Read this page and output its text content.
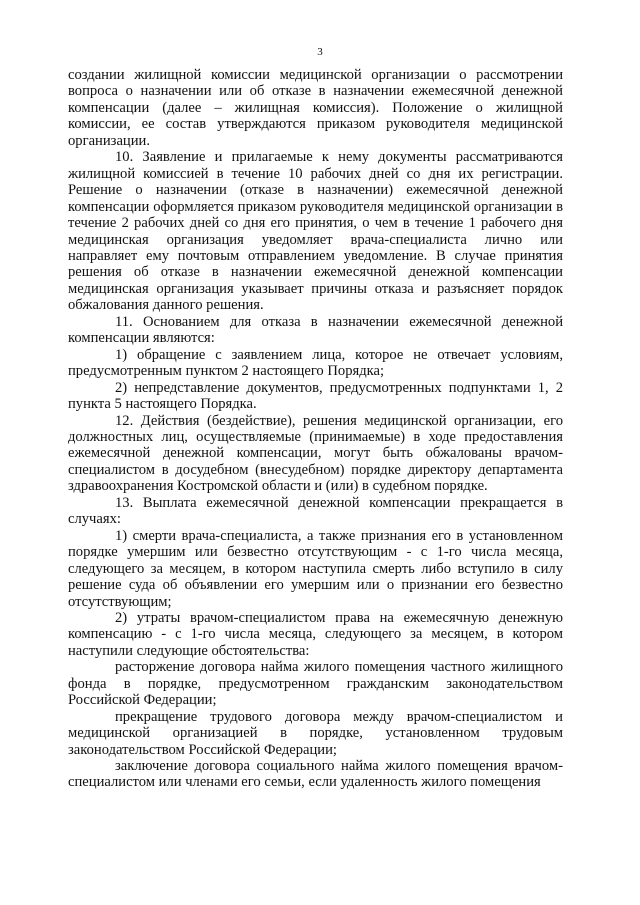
3

создании жилищной комиссии медицинской организации о рассмотрении вопроса о назначении или об отказе в назначении ежемесячной денежной компенсации (далее – жилищная комиссия). Положение о жилищной комиссии, ее состав утверждаются приказом руководителя медицинской организации.

10. Заявление и прилагаемые к нему документы рассматриваются жилищной комиссией в течение 10 рабочих дней со дня их регистрации. Решение о назначении (отказе в назначении) ежемесячной денежной компенсации оформляется приказом руководителя медицинской организации в течение 2 рабочих дней со дня его принятия, о чем в течение 1 рабочего дня медицинская организация уведомляет врача-специалиста лично или направляет ему почтовым отправлением уведомление. В случае принятия решения об отказе в назначении ежемесячной денежной компенсации медицинская организация указывает причины отказа и разъясняет порядок обжалования данного решения.

11. Основанием для отказа в назначении ежемесячной денежной компенсации являются:

1) обращение с заявлением лица, которое не отвечает условиям, предусмотренным пунктом 2 настоящего Порядка;

2) непредставление документов, предусмотренных подпунктами 1, 2 пункта 5 настоящего Порядка.

12. Действия (бездействие), решения медицинской организации, его должностных лиц, осуществляемые (принимаемые) в ходе предоставления ежемесячной денежной компенсации, могут быть обжалованы врачом-специалистом в досудебном (внесудебном) порядке директору департамента здравоохранения Костромской области и (или) в судебном порядке.

13. Выплата ежемесячной денежной компенсации прекращается в случаях:

1) смерти врача-специалиста, а также признания его в установленном порядке умершим или безвестно отсутствующим - с 1-го числа месяца, следующего за месяцем, в котором наступила смерть либо вступило в силу решение суда об объявлении его умершим или о признании его безвестно отсутствующим;

2) утраты врачом-специалистом права на ежемесячную денежную компенсацию - с 1-го числа месяца, следующего за месяцем, в котором наступили следующие обстоятельства:

расторжение договора найма жилого помещения частного жилищного фонда в порядке, предусмотренном гражданским законодательством Российской Федерации;

прекращение трудового договора между врачом-специалистом и медицинской организацией в порядке, установленном трудовым законодательством Российской Федерации;

заключение договора социального найма жилого помещения врачом-специалистом или членами его семьи, если удаленность жилого помещения
